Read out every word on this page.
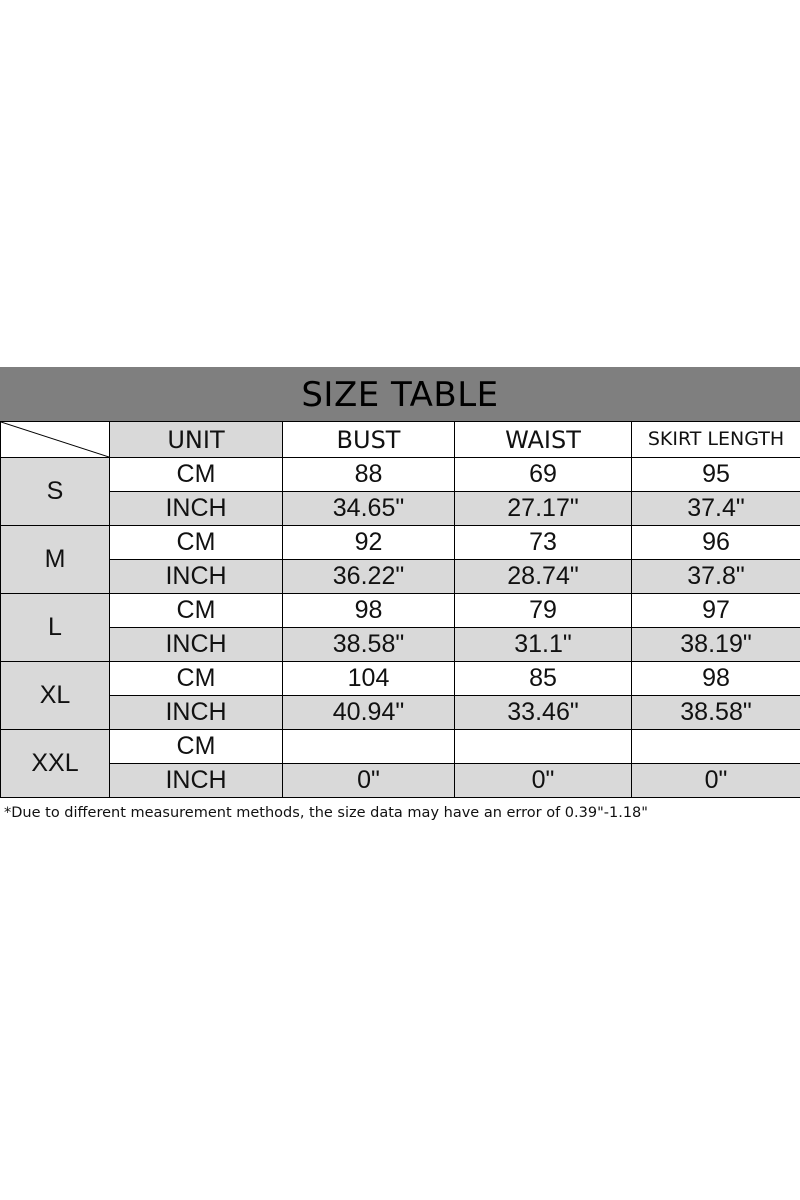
SIZE TABLE
	UNIT	BUST	WAIST	SKIRT LENGTH
S	CM	88	69	95
	INCH	34.65"	27.17"	37.4"
M	CM	92	73	96
	INCH	36.22"	28.74"	37.8"
L	CM	98	79	97
	INCH	38.58"	31.1"	38.19"
XL	CM	104	85	98
	INCH	40.94"	33.46"	38.58"
XXL	CM			
	INCH	0"	0"	0"
*Due to different measurement methods, the size data may have an error of 0.39"-1.18"
